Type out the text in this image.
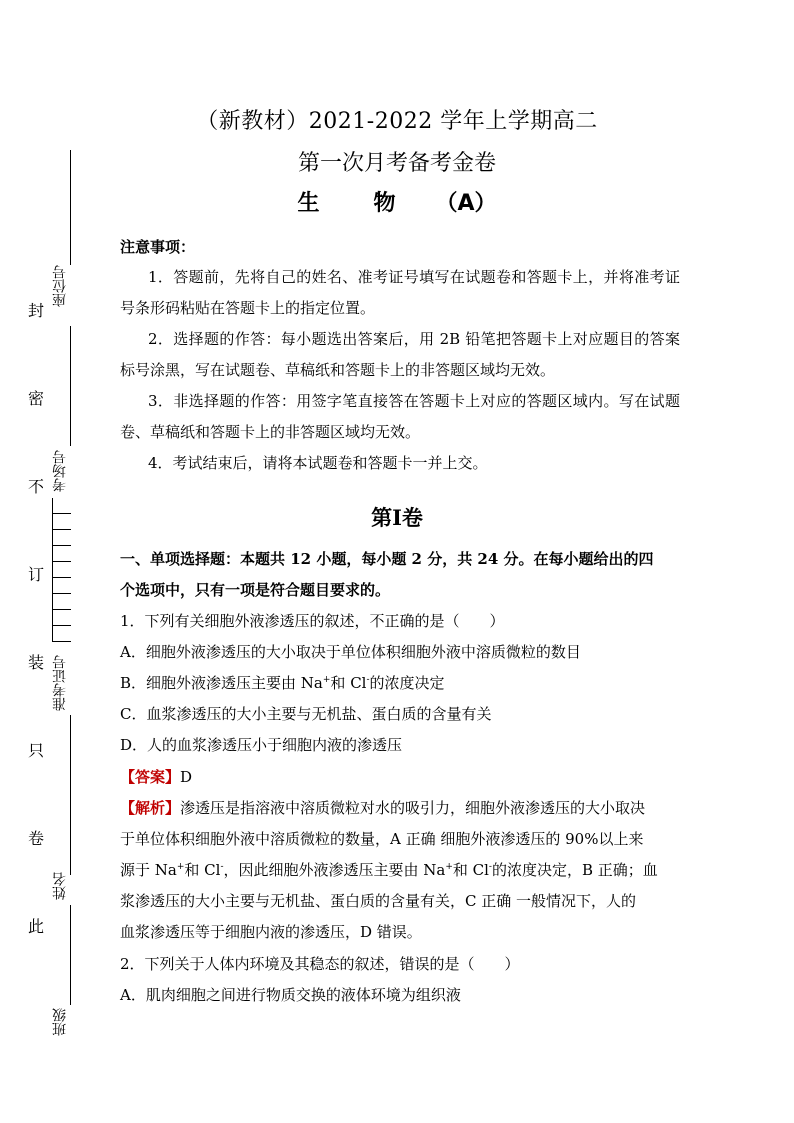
封
密
不
订
装
只
卷
此
座位号
考场号
准考证号
姓名
班级
（新教材）2021-2022 学年上学期高二
第一次月考备考金卷
生 物 （A）
注意事项：
1．答题前，先将自己的姓名、准考证号填写在试题卷和答题卡上，并将准考证号条形码粘贴在答题卡上的指定位置。
2．选择题的作答：每小题选出答案后，用 2B 铅笔把答题卡上对应题目的答案标号涂黑，写在试题卷、草稿纸和答题卡上的非答题区域均无效。
3．非选择题的作答：用签字笔直接答在答题卡上对应的答题区域内。写在试题卷、草稿纸和答题卡上的非答题区域均无效。
4．考试结束后，请将本试题卷和答题卡一并上交。
第Ⅰ卷
一、单项选择题：本题共 12 小题，每小题 2 分，共 24 分。在每小题给出的四
个选项中，只有一项是符合题目要求的。
1．下列有关细胞外液渗透压的叙述，不正确的是（　　）
A．细胞外液渗透压的大小取决于单位体积细胞外液中溶质微粒的数目
B．细胞外液渗透压主要由 Na+和 Cl-的浓度决定
C．血浆渗透压的大小主要与无机盐、蛋白质的含量有关
D．人的血浆渗透压小于细胞内液的渗透压
【答案】D
【解析】渗透压是指溶液中溶质微粒对水的吸引力，细胞外液渗透压的大小取决
于单位体积细胞外液中溶质微粒的数量，A 正确 细胞外液渗透压的 90%以上来
源于 Na+和 Cl-，因此细胞外液渗透压主要由 Na+和 Cl-的浓度决定，B 正确；血
浆渗透压的大小主要与无机盐、蛋白质的含量有关，C 正确 一般情况下，人的
血浆渗透压等于细胞内液的渗透压，D 错误。
2．下列关于人体内环境及其稳态的叙述，错误的是（　　）
A．肌肉细胞之间进行物质交换的液体环境为组织液
